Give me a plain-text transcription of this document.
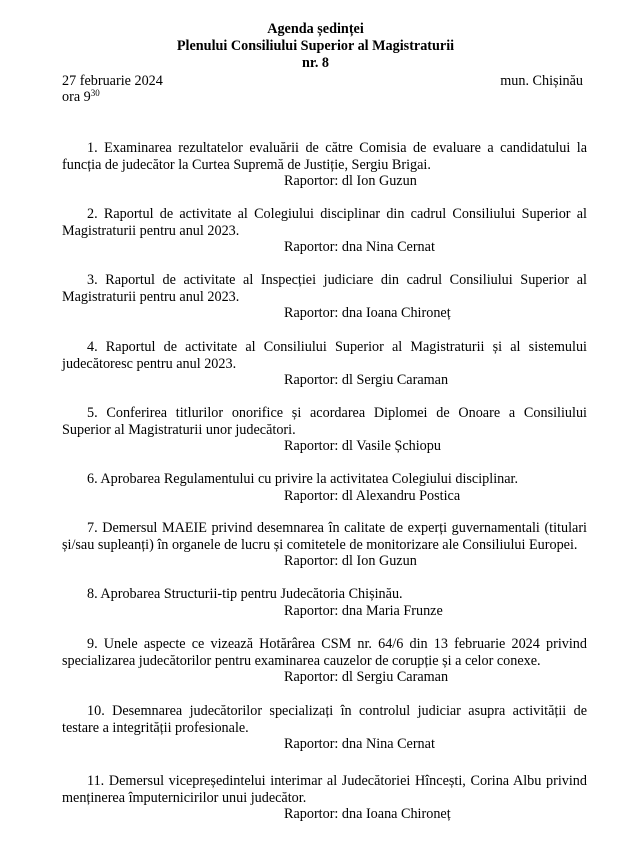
Agenda ședinței
Plenului Consiliului Superior al Magistraturii
nr. 8
27 februarie 2024	mun. Chișinău
ora $9^{30}$

1. Examinarea rezultatelor evaluării de către Comisia de evaluare a candidatului la funcția de judecător la Curtea Supremă de Justiție, Sergiu Brigai.

Raportor: dl Ion Guzun

2. Raportul de activitate al Colegiului disciplinar din cadrul Consiliului Superior al Magistraturii pentru anul 2023.

Raportor: dna Nina Cernat

3. Raportul de activitate al Inspecției judiciare din cadrul Consiliului Superior al Magistraturii pentru anul 2023.

Raportor: dna Ioana Chironeț

4. Raportul de activitate al Consiliului Superior al Magistraturii și al sistemului judecătoresc pentru anul 2023.

Raportor: dl Sergiu Caraman

5. Conferirea titlurilor onorifice și acordarea Diplomei de Onoare a Consiliului Superior al Magistraturii unor judecători.

Raportor: dl Vasile Șchiopu

6. Aprobarea Regulamentului cu privire la activitatea Colegiului disciplinar.

Raportor: dl Alexandru Postica

7. Demersul MAEIE privind desemnarea în calitate de experți guvernamentali (titulari și/sau supleanți) în organele de lucru și comitetele de monitorizare ale Consiliului Europei.

Raportor: dl Ion Guzun

8. Aprobarea Structurii-tip pentru Judecătoria Chișinău.

Raportor: dna Maria Frunze

9. Unele aspecte ce vizează Hotărârea CSM nr. 64/6 din 13 februarie 2024 privind specializarea judecătorilor pentru examinarea cauzelor de corupție și a celor conexe.

Raportor: dl Sergiu Caraman

10. Desemnarea judecătorilor specializați în controlul judiciar asupra activității de testare a integrității profesionale.

Raportor: dna Nina Cernat

11. Demersul vicepreședintelui interimar al Judecătoriei Hîncești, Corina Albu privind menținerea împuternicirilor unui judecător.

Raportor: dna Ioana Chironeț
